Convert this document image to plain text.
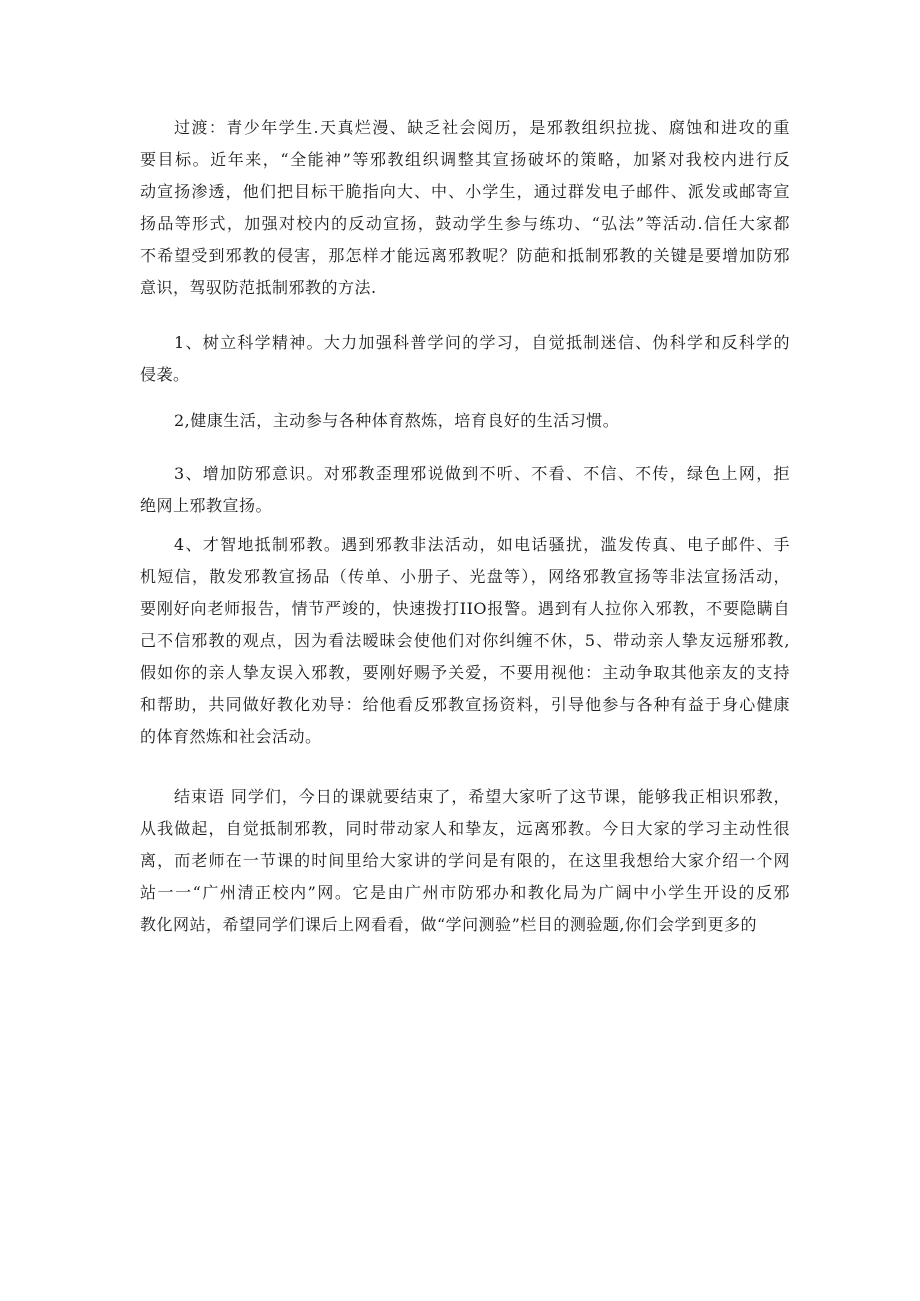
过渡：青少年学生.天真烂漫、缺乏社会阅历，是邪教组织拉拢、腐蚀和进攻的重
要目标。近年来，“全能神”等邪教组织调整其宣扬破坏的策略，加紧对我校内进行反
动宣扬渗透，他们把目标干脆指向大、中、小学生，通过群发电子邮件、派发或邮寄宣
扬品等形式，加强对校内的反动宣扬，鼓动学生参与练功、“弘法”等活动.信任大家都
不希望受到邪教的侵害，那怎样才能远离邪教呢？防葩和抵制邪教的关键是要增加防邪
意识，驾驭防范抵制邪教的方法.
1、树立科学精神。大力加强科普学问的学习，自觉抵制迷信、伪科学和反科学的
侵袭。
2,健康生活，主动参与各种体育熬炼，培育良好的生活习惯。
3、增加防邪意识。对邪教歪理邪说做到不听、不看、不信、不传，绿色上网，拒
绝网上邪教宣扬。
4、才智地抵制邪教。遇到邪教非法活动，如电话骚扰，滥发传真、电子邮件、手
机短信，散发邪教宣扬品（传单、小册子、光盘等），网络邪教宣扬等非法宣扬活动，
要刚好向老师报告，情节严竣的，快速拨打IIO报警。遇到有人拉你入邪教，不要隐瞒自
己不信邪教的观点，因为看法暧昧会使他们对你纠缠不休，5、带动亲人挚友远掰邪教,
假如你的亲人挚友误入邪教，要刚好赐予关爱，不要用视他：主动争取其他亲友的支持
和帮助，共同做好教化劝导：给他看反邪教宣扬资料，引导他参与各种有益于身心健康
的体育然炼和社会活动。
结束语 同学们，今日的课就要结束了，希望大家听了这节课，能够我正相识邪教，
从我做起，自觉抵制邪教，同时带动家人和挚友，远离邪教。今日大家的学习主动性很
离，而老师在一节课的时间里给大家讲的学问是有限的，在这里我想给大家介绍一个网
站一一“广州清正校内”网。它是由广州市防邪办和教化局为广阔中小学生开设的反邪
教化网站，希望同学们课后上网看看，做“学问测验”栏目的测验题,你们会学到更多的
